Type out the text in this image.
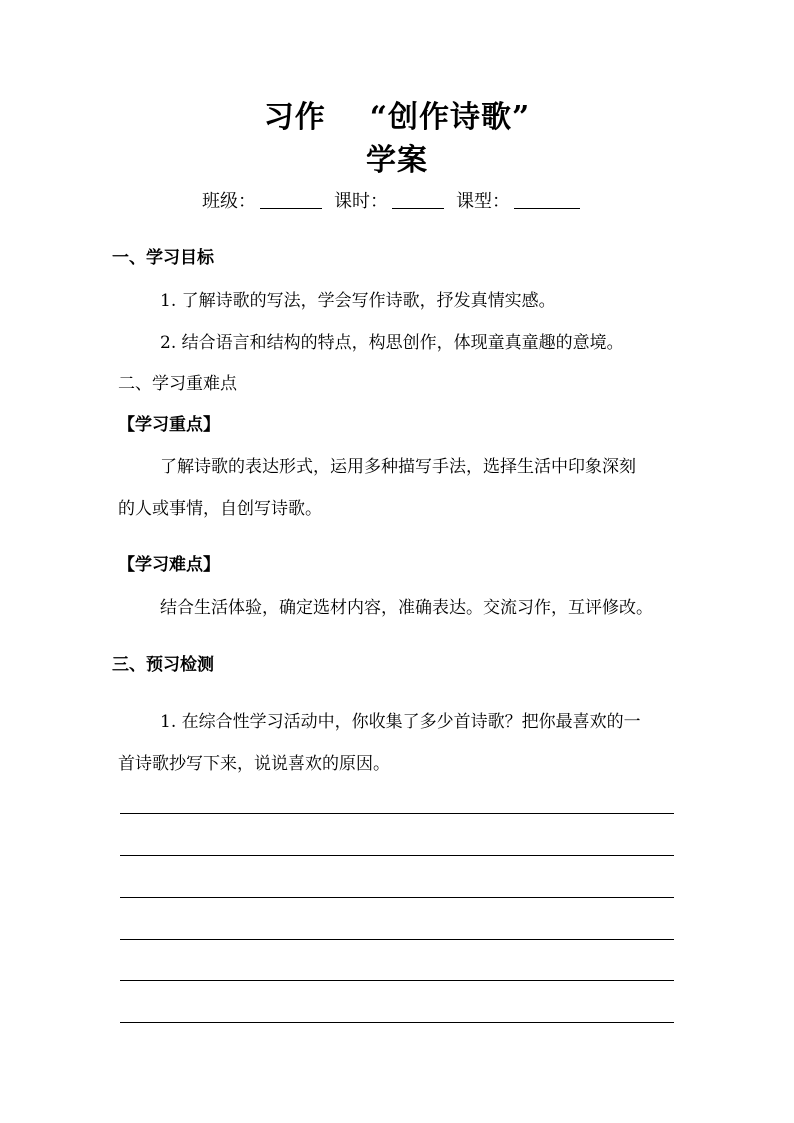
习作 “创作诗歌”
学案
班级：	课时：	课型：
一、学习目标
1. 了解诗歌的写法，学会写作诗歌，抒发真情实感。
2. 结合语言和结构的特点，构思创作，体现童真童趣的意境。
二、学习重难点
【学习重点】
了解诗歌的表达形式，运用多种描写手法，选择生活中印象深刻
的人或事情，自创写诗歌。
【学习难点】
结合生活体验，确定选材内容，准确表达。交流习作，互评修改。
三、预习检测
1. 在综合性学习活动中，你收集了多少首诗歌？把你最喜欢的一
首诗歌抄写下来，说说喜欢的原因。
